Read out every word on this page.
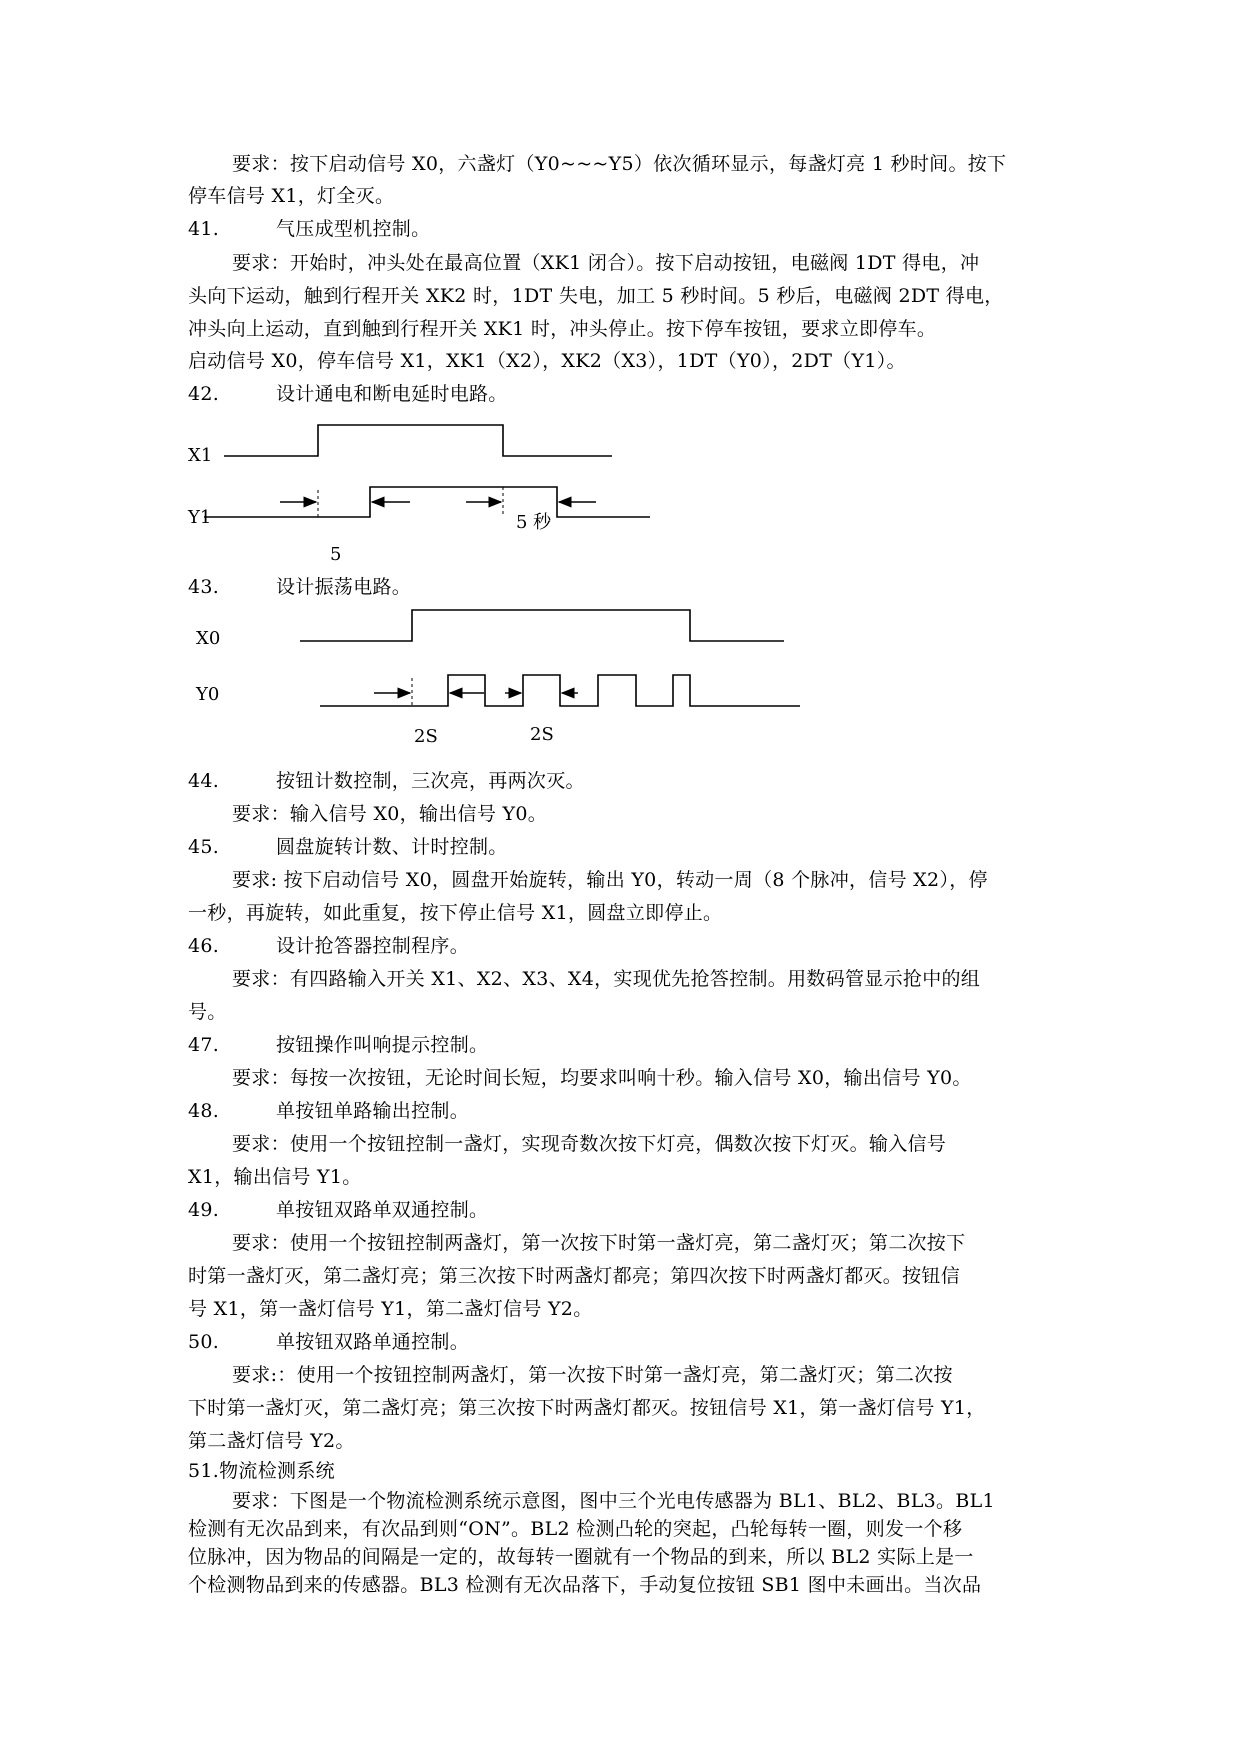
要求：按下启动信号 X0，六盏灯（Y0~~~Y5）依次循环显示，每盏灯亮 1 秒时间。按下
停车信号 X1，灯全灭。
41.	气压成型机控制。
要求：开始时，冲头处在最高位置（XK1 闭合）。按下启动按钮，电磁阀 1DT 得电，冲
头向下运动，触到行程开关 XK2 时，1DT 失电，加工 5 秒时间。5 秒后，电磁阀 2DT 得电，
冲头向上运动，直到触到行程开关 XK1 时，冲头停止。按下停车按钮，要求立即停车。
启动信号 X0，停车信号 X1，XK1（X2），XK2（X3），1DT（Y0），2DT（Y1）。
42.	设计通电和断电延时电路。
43.	设计振荡电路。
44.	按钮计数控制，三次亮，再两次灭。
要求：输入信号 X0，输出信号 Y0。
45.	圆盘旋转计数、计时控制。
要求: 按下启动信号 X0，圆盘开始旋转，输出 Y0，转动一周（8 个脉冲，信号 X2），停
一秒，再旋转，如此重复，按下停止信号 X1，圆盘立即停止。
46.	设计抢答器控制程序。
要求：有四路输入开关 X1、X2、X3、X4，实现优先抢答控制。用数码管显示抢中的组
号。
47.	按钮操作叫响提示控制。
要求：每按一次按钮，无论时间长短，均要求叫响十秒。输入信号 X0，输出信号 Y0。
48.	单按钮单路输出控制。
要求：使用一个按钮控制一盏灯，实现奇数次按下灯亮，偶数次按下灯灭。输入信号
X1，输出信号 Y1。
49.	单按钮双路单双通控制。
要求：使用一个按钮控制两盏灯，第一次按下时第一盏灯亮，第二盏灯灭；第二次按下
时第一盏灯灭，第二盏灯亮；第三次按下时两盏灯都亮；第四次按下时两盏灯都灭。按钮信
号 X1，第一盏灯信号 Y1，第二盏灯信号 Y2。
50.	单按钮双路单通控制。
要求:：使用一个按钮控制两盏灯，第一次按下时第一盏灯亮，第二盏灯灭；第二次按
下时第一盏灯灭，第二盏灯亮；第三次按下时两盏灯都灭。按钮信号 X1，第一盏灯信号 Y1，
第二盏灯信号 Y2。
51.物流检测系统
要求：下图是一个物流检测系统示意图，图中三个光电传感器为 BL1、BL2、BL3。BL1
检测有无次品到来，有次品到则“ON”。BL2 检测凸轮的突起，凸轮每转一圈，则发一个移
位脉冲，因为物品的间隔是一定的，故每转一圈就有一个物品的到来，所以 BL2 实际上是一
个检测物品到来的传感器。BL3 检测有无次品落下，手动复位按钮 SB1 图中未画出。当次品
X1
Y1	5 秒
5
X0
Y0
2S	2S
